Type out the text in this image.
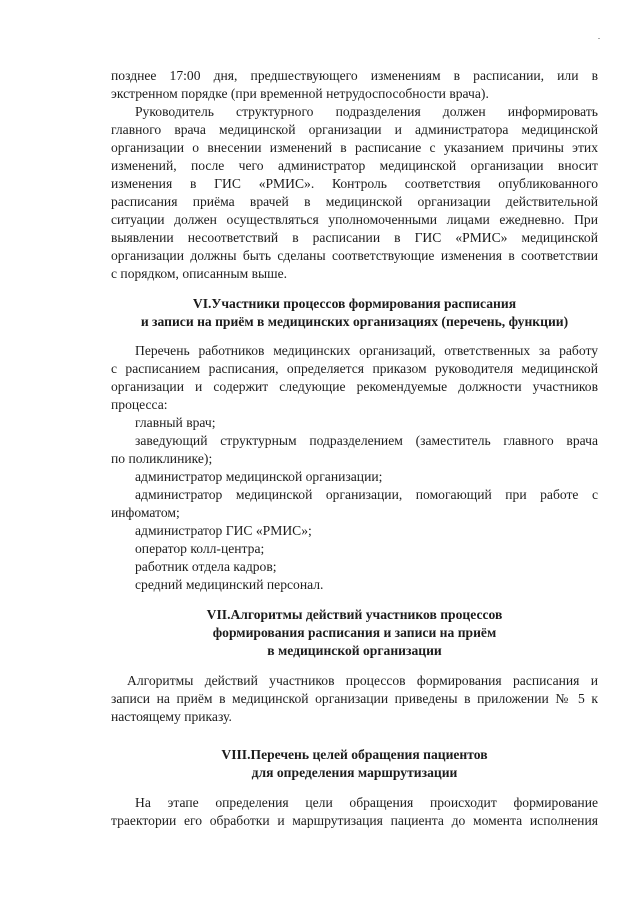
позднее 17:00 дня, предшествующего изменениям в расписании, или в
экстренном порядке (при временной нетрудоспособности врача).
Руководитель структурного подразделения должен информировать
главного врача медицинской организации и администратора медицинской
организации о внесении изменений в расписание с указанием причины этих
изменений, после чего администратор медицинской организации вносит
изменения в ГИС «РМИС». Контроль соответствия опубликованного
расписания приёма врачей в медицинской организации действительной
ситуации должен осуществляться уполномоченными лицами ежедневно. При
выявлении несоответствий в расписании в ГИС «РМИС» медицинской
организации должны быть сделаны соответствующие изменения в соответствии
с порядком, описанным выше.
VI.Участники процессов формирования расписания
и записи на приём в медицинских организациях (перечень, функции)
Перечень работников медицинских организаций, ответственных за работу
с расписанием расписания, определяется приказом руководителя медицинской
организации и содержит следующие рекомендуемые должности участников
процесса:
главный врач;
заведующий структурным подразделением (заместитель главного врача
по поликлинике);
администратор медицинской организации;
администратор медицинской организации, помогающий при работе с
инфоматом;
администратор ГИС «РМИС»;
оператор колл-центра;
работник отдела кадров;
средний медицинский персонал.
VII.Алгоритмы действий участников процессов
формирования расписания и записи на приём
в медицинской организации
Алгоритмы действий участников процессов формирования расписания и
записи на приём в медицинской организации приведены в приложении № 5 к
настоящему приказу.
VIII.Перечень целей обращения пациентов
для определения маршрутизации
На этапе определения цели обращения происходит формирование
траектории его обработки и маршрутизация пациента до момента исполнения
